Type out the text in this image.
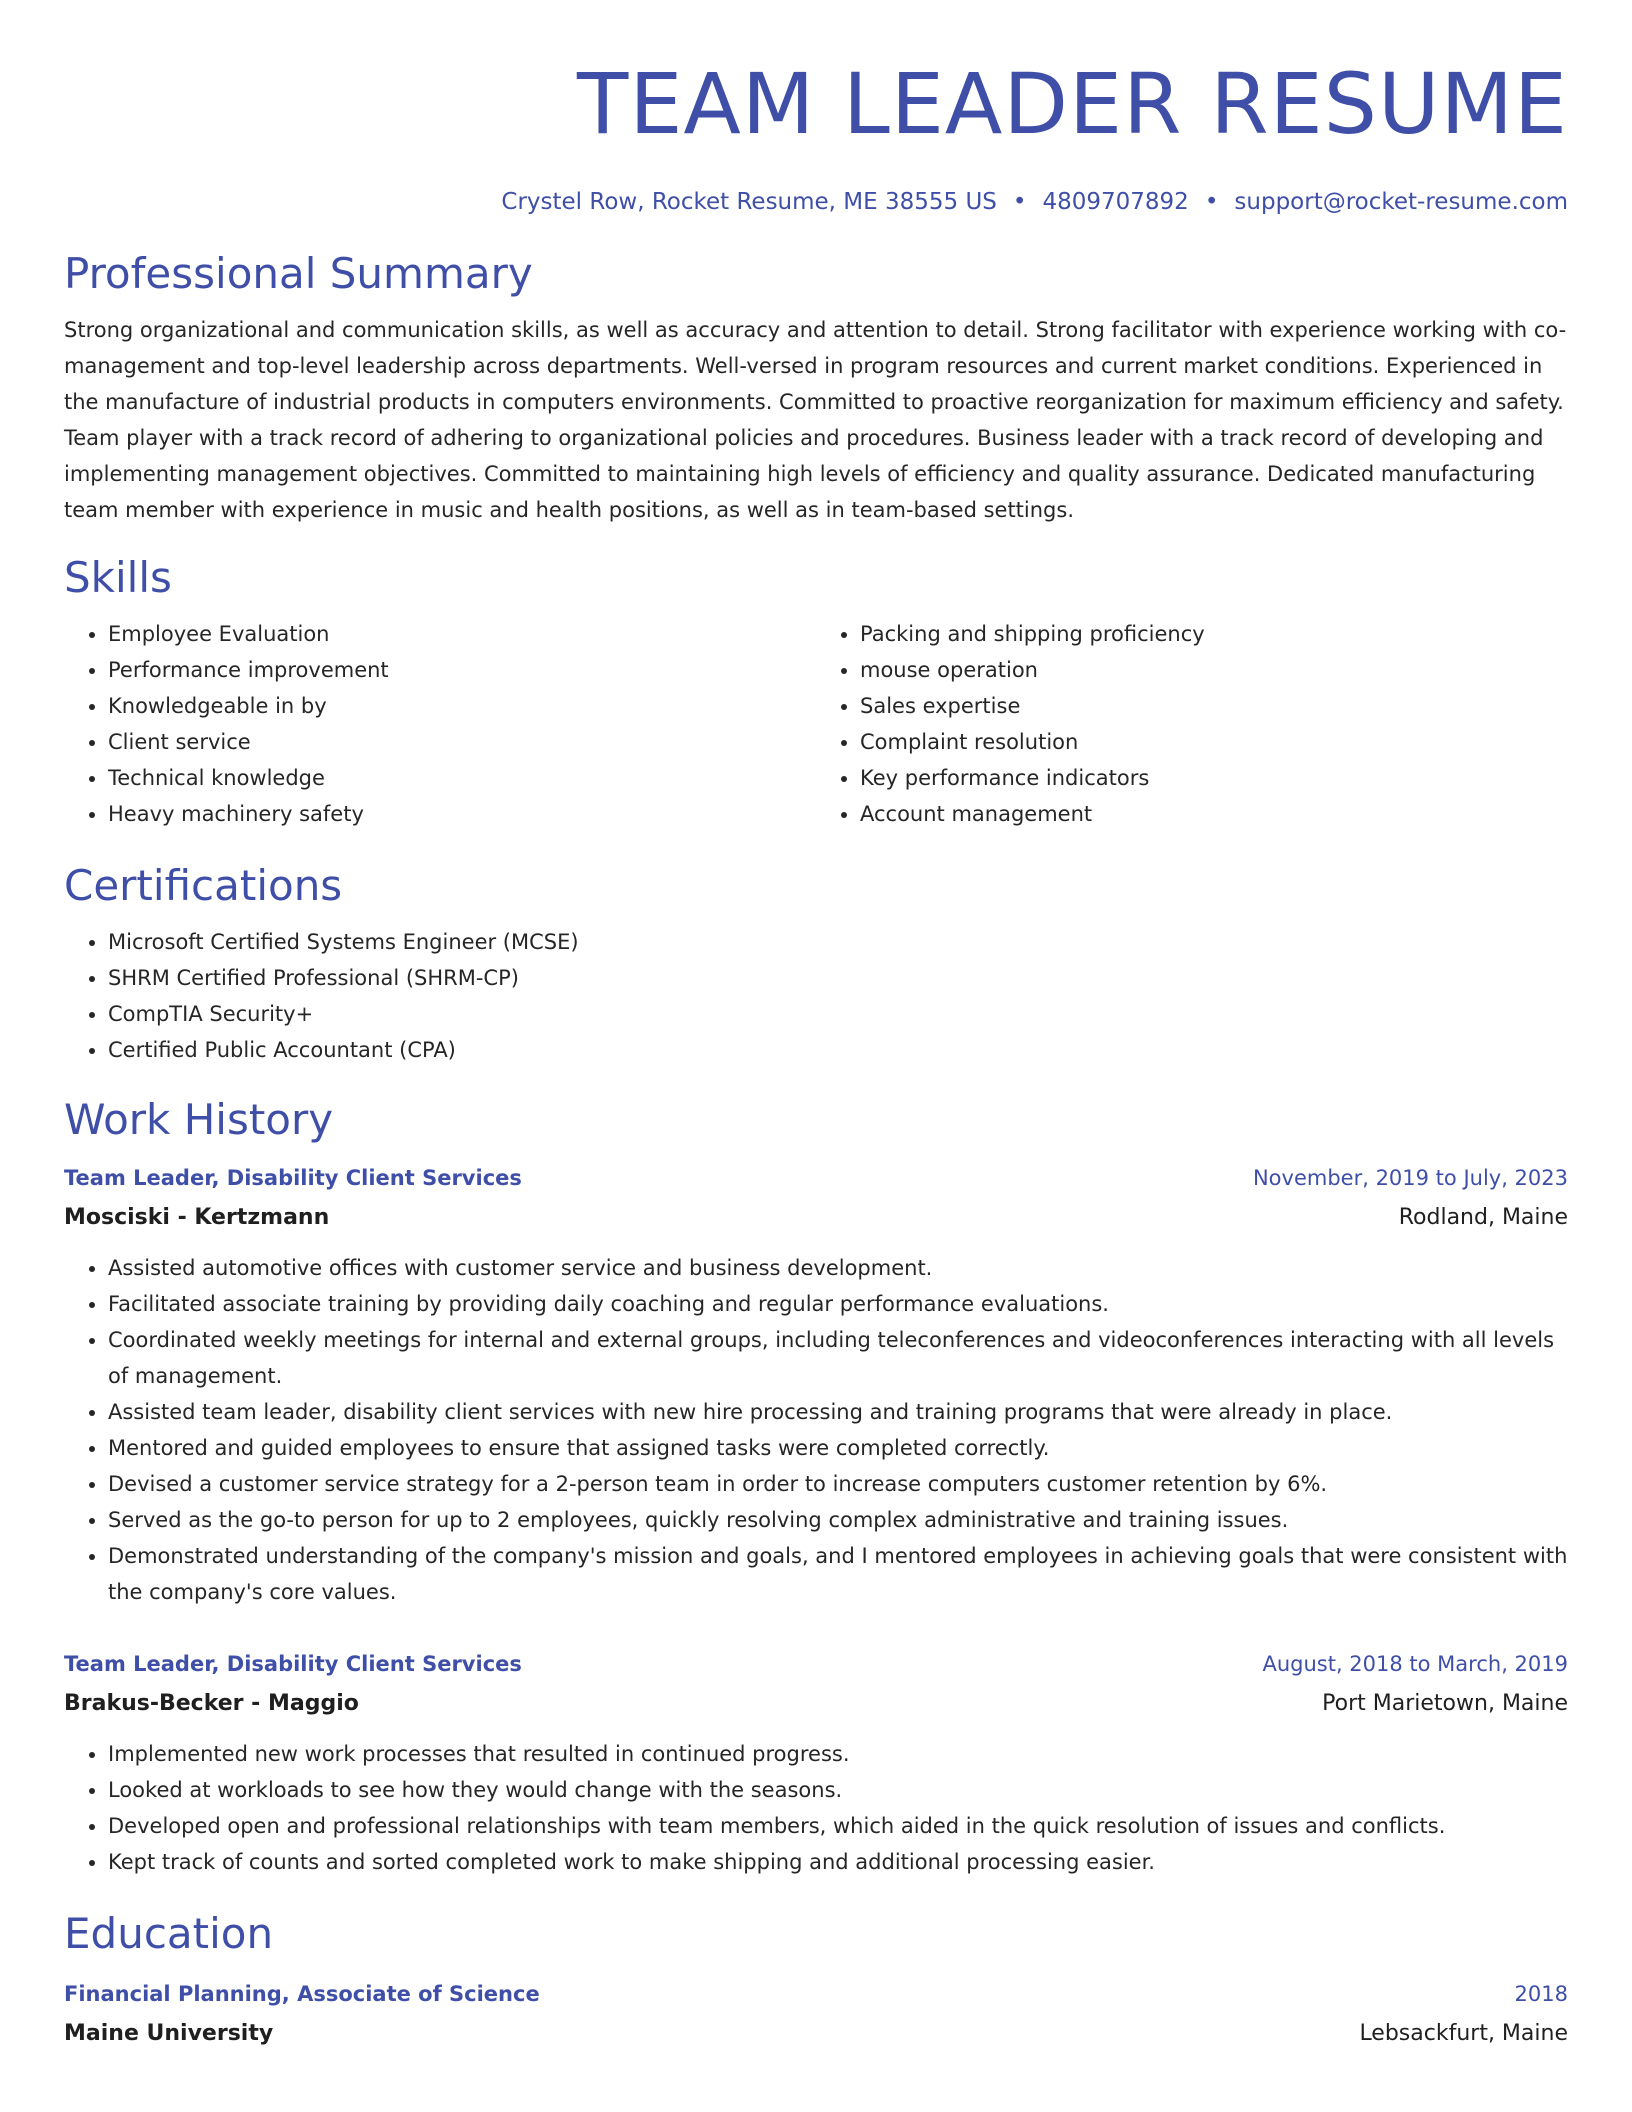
TEAM LEADER RESUME
Crystel Row, Rocket Resume, ME 38555 US • 4809707892 • support@rocket-resume.com
Professional Summary
Strong organizational and communication skills, as well as accuracy and attention to detail. Strong facilitator with experience working with co-management and top-level leadership across departments. Well-versed in program resources and current market conditions. Experienced in the manufacture of industrial products in computers environments. Committed to proactive reorganization for maximum efficiency and safety. Team player with a track record of adhering to organizational policies and procedures. Business leader with a track record of developing and implementing management objectives. Committed to maintaining high levels of efficiency and quality assurance. Dedicated manufacturing team member with experience in music and health positions, as well as in team-based settings.
Skills
• Employee Evaluation
• Performance improvement
• Knowledgeable in by
• Client service
• Technical knowledge
• Heavy machinery safety
• Packing and shipping proficiency
• mouse operation
• Sales expertise
• Complaint resolution
• Key performance indicators
• Account management
Certifications
• Microsoft Certified Systems Engineer (MCSE)
• SHRM Certified Professional (SHRM-CP)
• CompTIA Security+
• Certified Public Accountant (CPA)
Work History
Team Leader, Disability Client Services	November, 2019 to July, 2023
Mosciski - Kertzmann	Rodland, Maine
• Assisted automotive offices with customer service and business development.
• Facilitated associate training by providing daily coaching and regular performance evaluations.
• Coordinated weekly meetings for internal and external groups, including teleconferences and videoconferences interacting with all levels of management.
• Assisted team leader, disability client services with new hire processing and training programs that were already in place.
• Mentored and guided employees to ensure that assigned tasks were completed correctly.
• Devised a customer service strategy for a 2-person team in order to increase computers customer retention by 6%.
• Served as the go-to person for up to 2 employees, quickly resolving complex administrative and training issues.
• Demonstrated understanding of the company's mission and goals, and I mentored employees in achieving goals that were consistent with the company's core values.
Team Leader, Disability Client Services	August, 2018 to March, 2019
Brakus-Becker - Maggio	Port Marietown, Maine
• Implemented new work processes that resulted in continued progress.
• Looked at workloads to see how they would change with the seasons.
• Developed open and professional relationships with team members, which aided in the quick resolution of issues and conflicts.
• Kept track of counts and sorted completed work to make shipping and additional processing easier.
Education
Financial Planning, Associate of Science	2018
Maine University	Lebsackfurt, Maine
